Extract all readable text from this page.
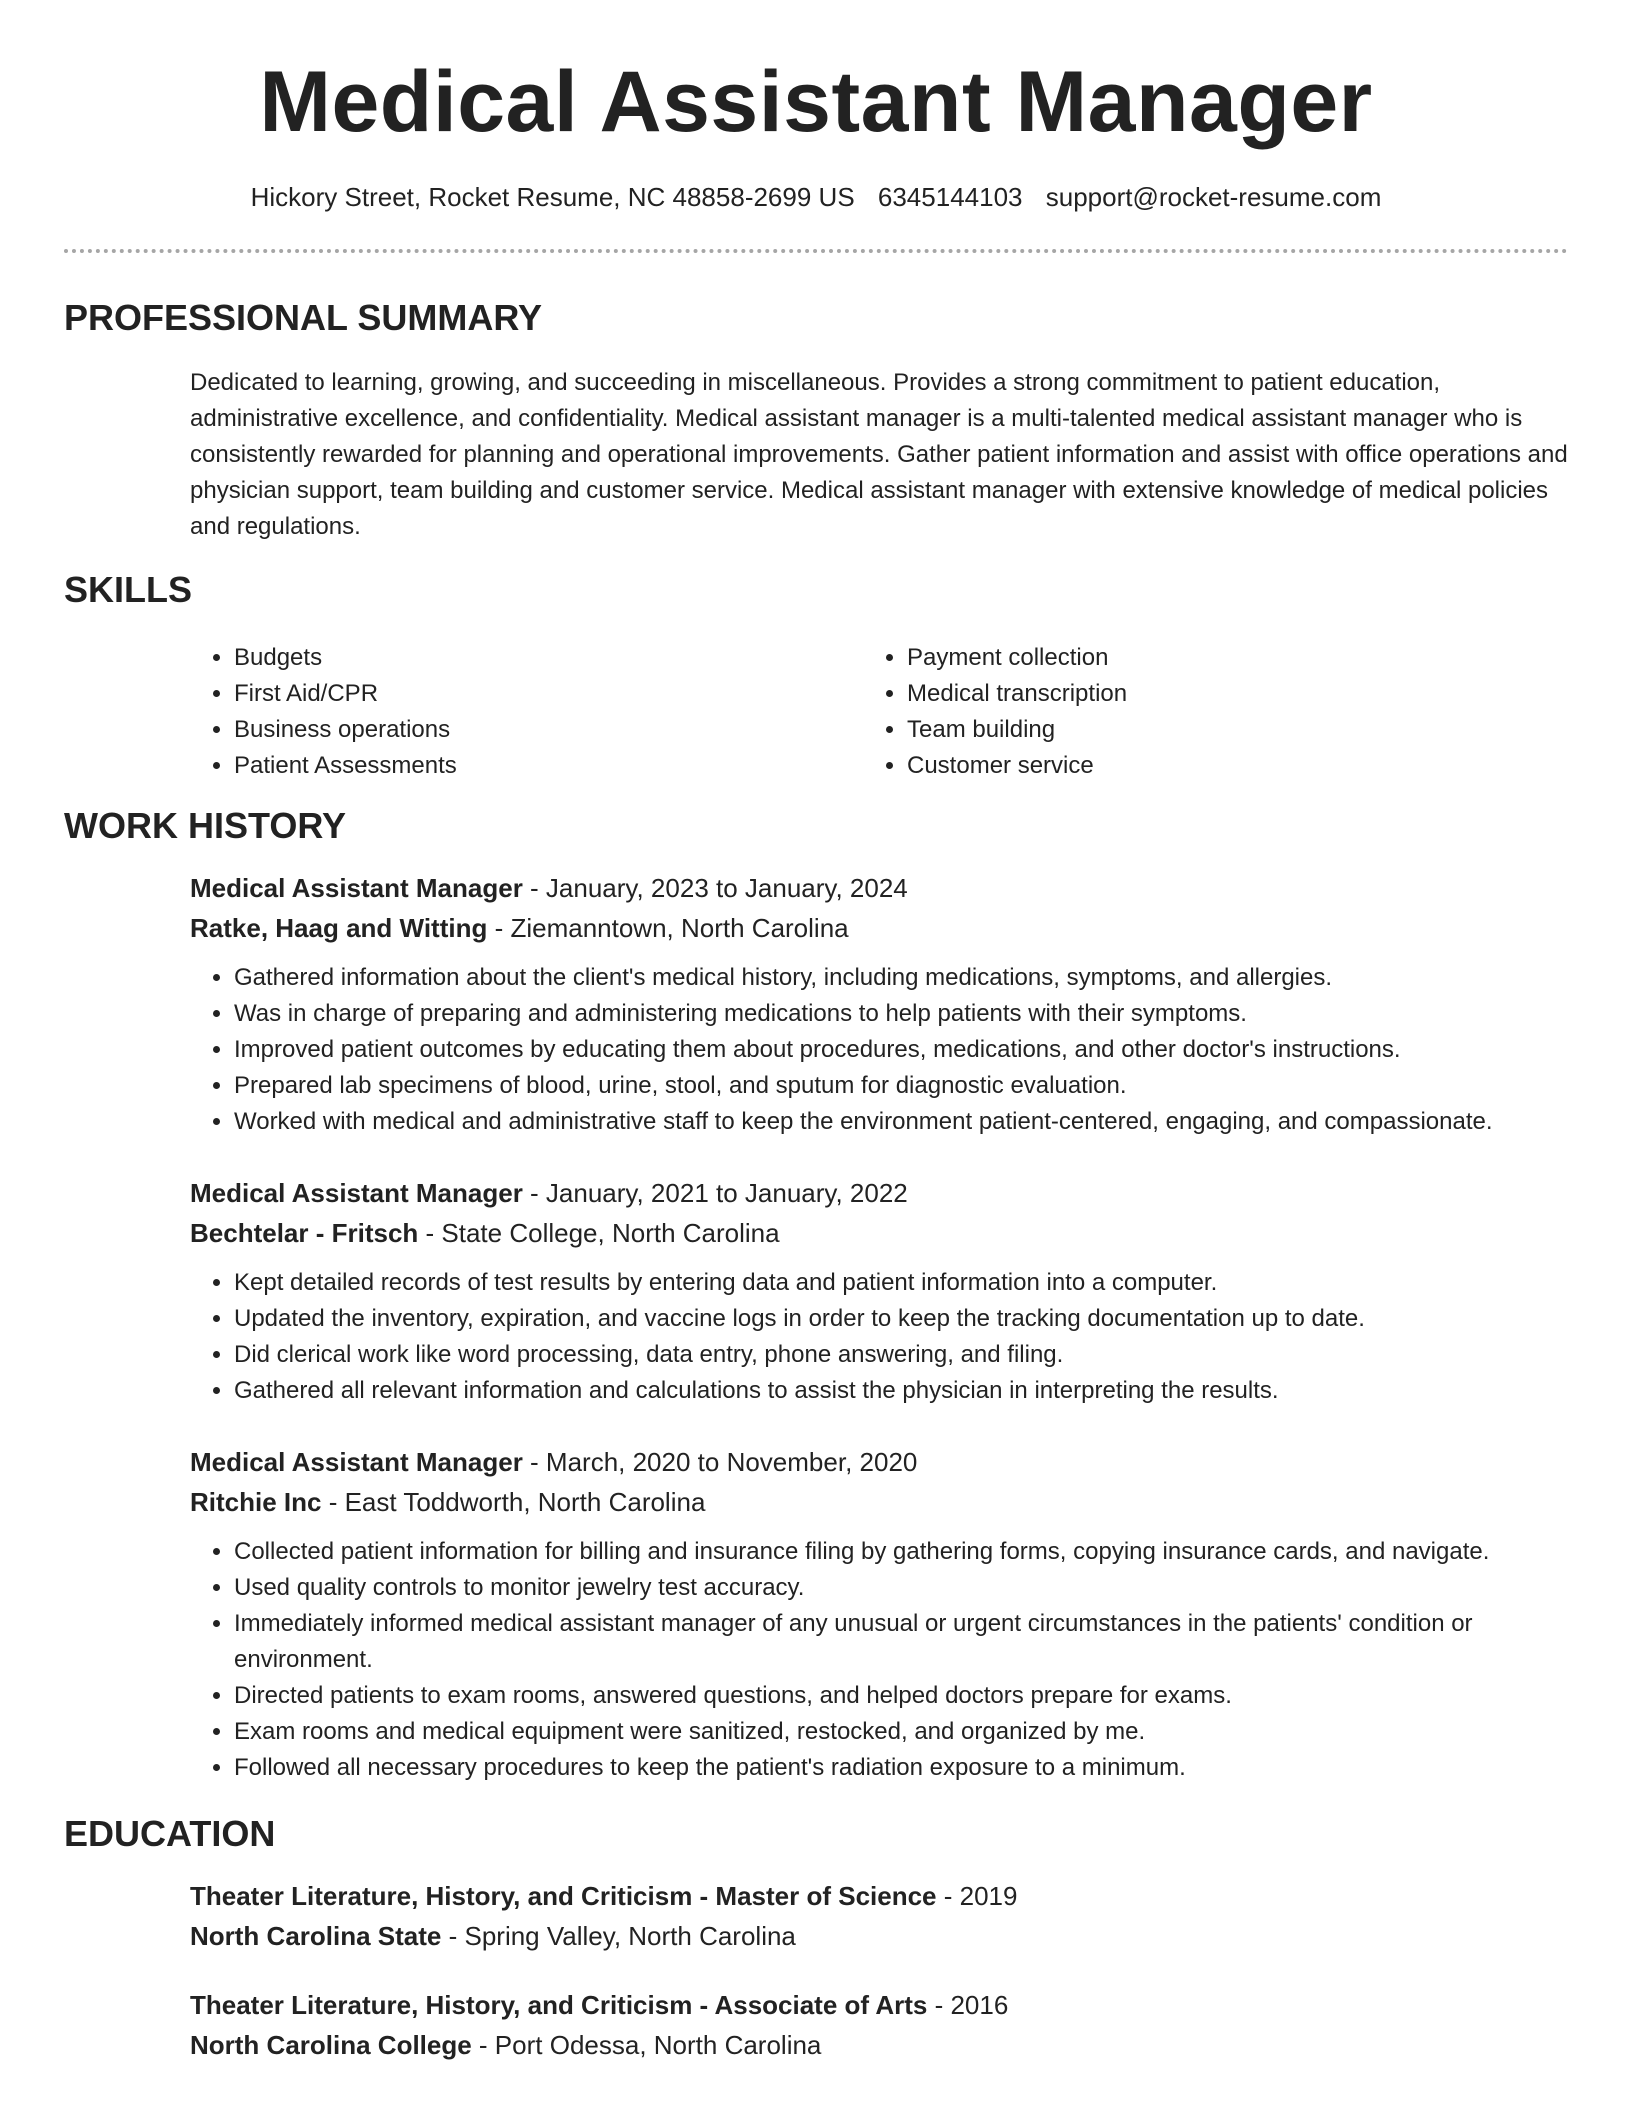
Medical Assistant Manager
Hickory Street, Rocket Resume, NC 48858-2699 US 6345144103 support@rocket-resume.com
PROFESSIONAL SUMMARY
Dedicated to learning, growing, and succeeding in miscellaneous. Provides a strong commitment to patient education, administrative excellence, and confidentiality. Medical assistant manager is a multi-talented medical assistant manager who is consistently rewarded for planning and operational improvements. Gather patient information and assist with office operations and physician support, team building and customer service. Medical assistant manager with extensive knowledge of medical policies and regulations.
SKILLS
• Budgets
• First Aid/CPR
• Business operations
• Patient Assessments
• Payment collection
• Medical transcription
• Team building
• Customer service
WORK HISTORY
Medical Assistant Manager - January, 2023 to January, 2024
Ratke, Haag and Witting - Ziemanntown, North Carolina
• Gathered information about the client's medical history, including medications, symptoms, and allergies.
• Was in charge of preparing and administering medications to help patients with their symptoms.
• Improved patient outcomes by educating them about procedures, medications, and other doctor's instructions.
• Prepared lab specimens of blood, urine, stool, and sputum for diagnostic evaluation.
• Worked with medical and administrative staff to keep the environment patient-centered, engaging, and compassionate.
Medical Assistant Manager - January, 2021 to January, 2022
Bechtelar - Fritsch - State College, North Carolina
• Kept detailed records of test results by entering data and patient information into a computer.
• Updated the inventory, expiration, and vaccine logs in order to keep the tracking documentation up to date.
• Did clerical work like word processing, data entry, phone answering, and filing.
• Gathered all relevant information and calculations to assist the physician in interpreting the results.
Medical Assistant Manager - March, 2020 to November, 2020
Ritchie Inc - East Toddworth, North Carolina
• Collected patient information for billing and insurance filing by gathering forms, copying insurance cards, and navigate.
• Used quality controls to monitor jewelry test accuracy.
• Immediately informed medical assistant manager of any unusual or urgent circumstances in the patients' condition or environment.
• Directed patients to exam rooms, answered questions, and helped doctors prepare for exams.
• Exam rooms and medical equipment were sanitized, restocked, and organized by me.
• Followed all necessary procedures to keep the patient's radiation exposure to a minimum.
EDUCATION
Theater Literature, History, and Criticism - Master of Science - 2019
North Carolina State - Spring Valley, North Carolina
Theater Literature, History, and Criticism - Associate of Arts - 2016
North Carolina College - Port Odessa, North Carolina
